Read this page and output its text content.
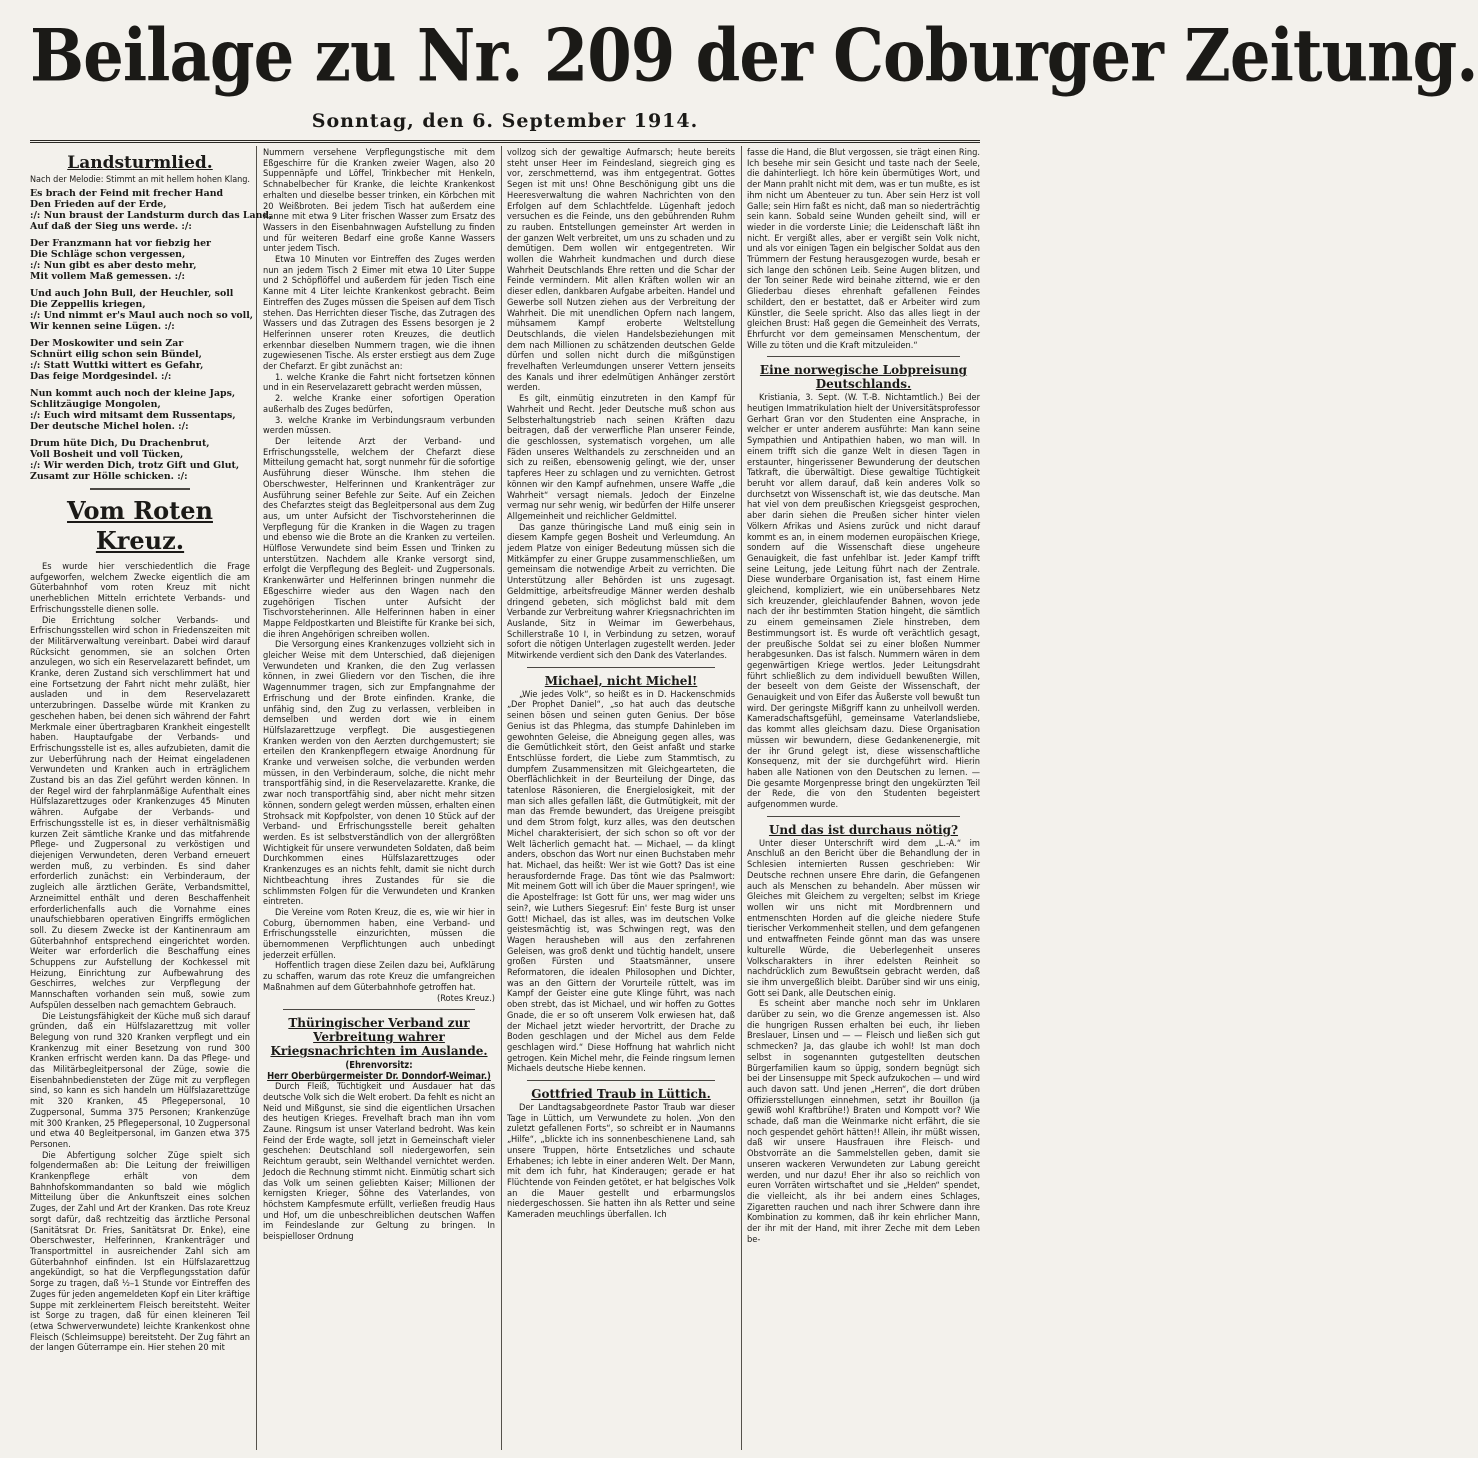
Beilage zu Nr. 209 der Coburger Zeitung.
Sonntag, den 6. September 1914.
Landsturmlied.
Nach der Melodie: Stimmt an mit hellem hohen Klang.
Es brach der Feind mit frecher Hand
Den Frieden auf der Erde,
:/: Nun braust der Landsturm durch das Land,
Auf daß der Sieg uns werde. :/:
Der Franzmann hat vor fiebzig her
Die Schläge schon vergessen,
:/: Nun gibt es aber desto mehr,
Mit vollem Maß gemessen. :/:
Und auch John Bull, der Heuchler, soll
Die Zeppellis kriegen,
:/: Und nimmt er's Maul auch noch so voll,
Wir kennen seine Lügen. :/:
Der Moskowiter und sein Zar
Schnürt eilig schon sein Bündel,
:/: Statt Wuttki wittert es Gefahr,
Das feige Mordgesindel. :/:
Nun kommt auch noch der kleine Japs,
Schlitzäugige Mongolen,
:/: Euch wird mitsamt dem Russentaps,
Der deutsche Michel holen. :/:
Drum hüte Dich, Du Drachenbrut,
Voll Bosheit und voll Tücken,
:/: Wir werden Dich, trotz Gift und Glut,
Zusamt zur Hölle schicken. :/:
Vom Roten Kreuz.
Es wurde hier verschiedentlich die Frage aufgeworfen, welchem Zwecke eigentlich die am Güterbahnhof vom roten Kreuz mit nicht unerheblichen Mitteln errichtete Verbands- und Erfrischungsstelle dienen solle.
Die Errichtung solcher Verbands- und Erfrischungsstellen wird schon in Friedenszeiten mit der Militärverwaltung vereinbart. Dabei wird darauf Rücksicht genommen, sie an solchen Orten anzulegen, wo sich ein Reservelazarett befindet, um Kranke, deren Zustand sich verschlimmert hat und eine Fortsetzung der Fahrt nicht mehr zuläßt, hier ausladen und in dem Reservelazarett unterzubringen. Dasselbe würde mit Kranken zu geschehen haben, bei denen sich während der Fahrt Merkmale einer übertragbaren Krankheit eingestellt haben. Hauptaufgabe der Verbands- und Erfrischungsstelle ist es, alles aufzubieten, damit die zur Ueberführung nach der Heimat eingeladenen Verwundeten und Kranken auch in erträglichem Zustand bis an das Ziel geführt werden können. In der Regel wird der fahrplanmäßige Aufenthalt eines Hülfslazarettzuges oder Krankenzuges 45 Minuten währen. Aufgabe der Verbands- und Erfrischungsstelle ist es, in dieser verhältnismäßig kurzen Zeit sämtliche Kranke und das mitfahrende Pflege- und Zugpersonal zu verköstigen und diejenigen Verwundeten, deren Verband erneuert werden muß, zu verbinden. Es sind daher erforderlich zunächst: ein Verbinderaum, der zugleich alle ärztlichen Geräte, Verbandsmittel, Arzneimittel enthält und deren Beschaffenheit erforderlichenfalls auch die Vornahme eines unaufschiebbaren operativen Eingriffs ermöglichen soll. Zu diesem Zwecke ist der Kantinenraum am Güterbahnhof entsprechend eingerichtet worden. Weiter war erforderlich die Beschaffung eines Schuppens zur Aufstellung der Kochkessel mit Heizung, Einrichtung zur Aufbewahrung des Geschirres, welches zur Verpflegung der Mannschaften vorhanden sein muß, sowie zum Aufspülen desselben nach gemachtem Gebrauch.
Die Leistungsfähigkeit der Küche muß sich darauf gründen, daß ein Hülfslazarettzug mit voller Belegung von rund 320 Kranken verpflegt und ein Krankenzug mit einer Besetzung von rund 300 Kranken erfrischt werden kann. Da das Pflege- und das Militärbegleitpersonal der Züge, sowie die Eisenbahnbediensteten der Züge mit zu verpflegen sind, so kann es sich handeln um Hülfslazarettzüge mit 320 Kranken, 45 Pflegepersonal, 10 Zugpersonal, Summa 375 Personen; Krankenzüge mit 300 Kranken, 25 Pflegepersonal, 10 Zugpersonal und etwa 40 Begleitpersonal, im Ganzen etwa 375 Personen.
Die Abfertigung solcher Züge spielt sich folgendermaßen ab: Die Leitung der freiwilligen Krankenpflege erhält von dem Bahnhofskommandanten so bald wie möglich Mitteilung über die Ankunftszeit eines solchen Zuges, der Zahl und Art der Kranken. Das rote Kreuz sorgt dafür, daß rechtzeitig das ärztliche Personal (Sanitätsrat Dr. Fries, Sanitätsrat Dr. Enke), eine Oberschwester, Helferinnen, Krankenträger und Transportmittel in ausreichender Zahl sich am Güterbahnhof einfinden. Ist ein Hülfslazarettzug angekündigt, so hat die Verpflegungsstation dafür Sorge zu tragen, daß ½–1 Stunde vor Eintreffen des Zuges für jeden angemeldeten Kopf ein Liter kräftige Suppe mit zerkleinertem Fleisch bereitsteht. Weiter ist Sorge zu tragen, daß für einen kleineren Teil (etwa Schwerverwundete) leichte Krankenkost ohne Fleisch (Schleimsuppe) bereitsteht. Der Zug fährt an der langen Güterrampe ein. Hier stehen 20 mit
Nummern versehene Verpflegungstische mit dem Eßgeschirre für die Kranken zweier Wagen, also 20 Suppennäpfe und Löffel, Trinkbecher mit Henkeln, Schnabelbecher für Kranke, die leichte Krankenkost erhalten und dieselbe besser trinken, ein Körbchen mit 20 Weißbroten. Bei jedem Tisch hat außerdem eine Kanne mit etwa 9 Liter frischen Wasser zum Ersatz des Wassers in den Eisenbahnwagen Aufstellung zu finden und für weiteren Bedarf eine große Kanne Wassers unter jedem Tisch.
Etwa 10 Minuten vor Eintreffen des Zuges werden nun an jedem Tisch 2 Eimer mit etwa 10 Liter Suppe und 2 Schöpflöffel und außerdem für jeden Tisch eine Kanne mit 4 Liter leichte Krankenkost gebracht. Beim Eintreffen des Zuges müssen die Speisen auf dem Tisch stehen. Das Herrichten dieser Tische, das Zutragen des Wassers und das Zutragen des Essens besorgen je 2 Helferinnen unserer roten Kreuzes, die deutlich erkennbar dieselben Nummern tragen, wie die ihnen zugewiesenen Tische. Als erster erstiegt aus dem Zuge der Chefarzt. Er gibt zunächst an:
1. welche Kranke die Fahrt nicht fortsetzen können und in ein Reservelazarett gebracht werden müssen,
2. welche Kranke einer sofortigen Operation außerhalb des Zuges bedürfen,
3. welche Kranke im Verbindungsraum verbunden werden müssen.
Der leitende Arzt der Verband- und Erfrischungsstelle, welchem der Chefarzt diese Mitteilung gemacht hat, sorgt nunmehr für die sofortige Ausführung dieser Wünsche. Ihm stehen die Oberschwester, Helferinnen und Krankenträger zur Ausführung seiner Befehle zur Seite. Auf ein Zeichen des Chefarztes steigt das Begleitpersonal aus dem Zug aus, um unter Aufsicht der Tischvorsteherinnen die Verpflegung für die Kranken in die Wagen zu tragen und ebenso wie die Brote an die Kranken zu verteilen. Hülflose Verwundete sind beim Essen und Trinken zu unterstützen. Nachdem alle Kranke versorgt sind, erfolgt die Verpflegung des Begleit- und Zugpersonals. Krankenwärter und Helferinnen bringen nunmehr die Eßgeschirre wieder aus den Wagen nach den zugehörigen Tischen unter Aufsicht der Tischvorsteherinnen. Alle Helferinnen haben in einer Mappe Feldpostkarten und Bleistifte für Kranke bei sich, die ihren Angehörigen schreiben wollen.
Die Versorgung eines Krankenzuges vollzieht sich in gleicher Weise mit dem Unterschied, daß diejenigen Verwundeten und Kranken, die den Zug verlassen können, in zwei Gliedern vor den Tischen, die ihre Wagennummer tragen, sich zur Empfangnahme der Erfrischung und der Brote einfinden. Kranke, die unfähig sind, den Zug zu verlassen, verbleiben in demselben und werden dort wie in einem Hülfslazarettzuge verpflegt. Die ausgestiegenen Kranken werden von den Aerzten durchgemustert; sie erteilen den Krankenpflegern etwaige Anordnung für Kranke und verweisen solche, die verbunden werden müssen, in den Verbinderaum, solche, die nicht mehr transportfähig sind, in die Reservelazarette. Kranke, die zwar noch transportfähig sind, aber nicht mehr sitzen können, sondern gelegt werden müssen, erhalten einen Strohsack mit Kopfpolster, von denen 10 Stück auf der Verband- und Erfrischungsstelle bereit gehalten werden. Es ist selbstverständlich von der allergrößten Wichtigkeit für unsere verwundeten Soldaten, daß beim Durchkommen eines Hülfslazarettzuges oder Krankenzuges es an nichts fehlt, damit sie nicht durch Nichtbeachtung ihres Zustandes für sie die schlimmsten Folgen für die Verwundeten und Kranken eintreten.
Die Vereine vom Roten Kreuz, die es, wie wir hier in Coburg, übernommen haben, eine Verband- und Erfrischungsstelle einzurichten, müssen die übernommenen Verpflichtungen auch unbedingt jederzeit erfüllen.
Hoffentlich tragen diese Zeilen dazu bei, Aufklärung zu schaffen, warum das rote Kreuz die umfangreichen Maßnahmen auf dem Güterbahnhofe getroffen hat.
(Rotes Kreuz.)
Thüringischer Verband zur Verbreitung wahrer Kriegsnachrichten im Auslande.
(Ehrenvorsitz:
Herr Oberbürgermeister Dr. Donndorf-Weimar.)
Durch Fleiß, Tüchtigkeit und Ausdauer hat das deutsche Volk sich die Welt erobert. Da fehlt es nicht an Neid und Mißgunst, sie sind die eigentlichen Ursachen des heutigen Krieges. Frevelhaft brach man ihn vom Zaune. Ringsum ist unser Vaterland bedroht. Was kein Feind der Erde wagte, soll jetzt in Gemeinschaft vieler geschehen: Deutschland soll niedergeworfen, sein Reichtum geraubt, sein Welthandel vernichtet werden. Jedoch die Rechnung stimmt nicht. Einmütig schart sich das Volk um seinen geliebten Kaiser; Millionen der kernigsten Krieger, Söhne des Vaterlandes, von höchstem Kampfesmute erfüllt, verließen freudig Haus und Hof, um die unbeschreiblichen deutschen Waffen im Feindeslande zur Geltung zu bringen. In beispielloser Ordnung
vollzog sich der gewaltige Aufmarsch; heute bereits steht unser Heer im Feindesland, siegreich ging es vor, zerschmetternd, was ihm entgegentrat. Gottes Segen ist mit uns! Ohne Beschönigung gibt uns die Heeresverwaltung die wahren Nachrichten von den Erfolgen auf dem Schlachtfelde. Lügenhaft jedoch versuchen es die Feinde, uns den gebührenden Ruhm zu rauben. Entstellungen gemeinster Art werden in der ganzen Welt verbreitet, um uns zu schaden und zu demütigen. Dem wollen wir entgegentreten. Wir wollen die Wahrheit kundmachen und durch diese Wahrheit Deutschlands Ehre retten und die Schar der Feinde vermindern. Mit allen Kräften wollen wir an dieser edlen, dankbaren Aufgabe arbeiten. Handel und Gewerbe soll Nutzen ziehen aus der Verbreitung der Wahrheit. Die mit unendlichen Opfern nach langem, mühsamem Kampf eroberte Weltstellung Deutschlands, die vielen Handelsbeziehungen mit dem nach Millionen zu schätzenden deutschen Gelde dürfen und sollen nicht durch die mißgünstigen frevelhaften Verleumdungen unserer Vettern jenseits des Kanals und ihrer edelmütigen Anhänger zerstört werden.
Es gilt, einmütig einzutreten in den Kampf für Wahrheit und Recht. Jeder Deutsche muß schon aus Selbsterhaltungstrieb nach seinen Kräften dazu beitragen, daß der verwerfliche Plan unserer Feinde, die geschlossen, systematisch vorgehen, um alle Fäden unseres Welthandels zu zerschneiden und an sich zu reißen, ebensowenig gelingt, wie der, unser tapferes Heer zu schlagen und zu vernichten. Getrost können wir den Kampf aufnehmen, unsere Waffe „die Wahrheit“ versagt niemals. Jedoch der Einzelne vermag nur sehr wenig, wir bedürfen der Hilfe unserer Allgemeinheit und reichlicher Geldmittel.
Das ganze thüringische Land muß einig sein in diesem Kampfe gegen Bosheit und Verleumdung. An jedem Platze von einiger Bedeutung müssen sich die Mitkämpfer zu einer Gruppe zusammenschließen, um gemeinsam die notwendige Arbeit zu verrichten. Die Unterstützung aller Behörden ist uns zugesagt. Geldmittige, arbeitsfreudige Männer werden deshalb dringend gebeten, sich möglichst bald mit dem Verbande zur Verbreitung wahrer Kriegsnachrichten im Auslande, Sitz in Weimar im Gewerbehaus, Schillerstraße 10 I, in Verbindung zu setzen, worauf sofort die nötigen Unterlagen zugestellt werden. Jeder Mitwirkende verdient sich den Dank des Vaterlandes.
Michael, nicht Michel!
„Wie jedes Volk“, so heißt es in D. Hackenschmids „Der Prophet Daniel“, „so hat auch das deutsche seinen bösen und seinen guten Genius. Der böse Genius ist das Phlegma, das stumpfe Dahinleben im gewohnten Geleise, die Abneigung gegen alles, was die Gemütlichkeit stört, den Geist anfaßt und starke Entschlüsse fordert, die Liebe zum Stammtisch, zu dumpfem Zusammensitzen mit Gleichgearteten, die Oberflächlichkeit in der Beurteilung der Dinge, das tatenlose Räsonieren, die Energielosigkeit, mit der man sich alles gefallen läßt, die Gutmütigkeit, mit der man das Fremde bewundert, das Ureigene preisgibt und dem Strom folgt, kurz alles, was den deutschen Michel charakterisiert, der sich schon so oft vor der Welt lächerlich gemacht hat. — Michael, — da klingt anders, obschon das Wort nur einen Buchstaben mehr hat. Michael, das heißt: Wer ist wie Gott? Das ist eine herausfordernde Frage. Das tönt wie das Psalmwort: Mit meinem Gott will ich über die Mauer springen!, wie die Apostelfrage: Ist Gott für uns, wer mag wider uns sein?, wie Luthers Siegesruf: Ein' feste Burg ist unser Gott! Michael, das ist alles, was im deutschen Volke geistesmächtig ist, was Schwingen regt, was den Wagen herausheben will aus den zerfahrenen Geleisen, was groß denkt und tüchtig handelt, unsere großen Fürsten und Staatsmänner, unsere Reformatoren, die idealen Philosophen und Dichter, was an den Gittern der Vorurteile rüttelt, was im Kampf der Geister eine gute Klinge führt, was nach oben strebt, das ist Michael, und wir hoffen zu Gottes Gnade, die er so oft unserem Volk erwiesen hat, daß der Michael jetzt wieder hervortritt, der Drache zu Boden geschlagen und der Michel aus dem Felde geschlagen wird.“ Diese Hoffnung hat wahrlich nicht getrogen. Kein Michel mehr, die Feinde ringsum lernen Michaels deutsche Hiebe kennen.
Gottfried Traub in Lüttich.
Der Landtagsabgeordnete Pastor Traub war dieser Tage in Lüttich, um Verwundete zu holen. „Von den zuletzt gefallenen Forts“, so schreibt er in Naumanns „Hilfe“, „blickte ich ins sonnenbeschienene Land, sah unsere Truppen, hörte Entsetzliches und schaute Erhabenes; ich lebte in einer anderen Welt. Der Mann, mit dem ich fuhr, hat Kinderaugen; gerade er hat Flüchtende von Feinden getötet, er hat belgisches Volk an die Mauer gestellt und erbarmungslos niedergeschossen. Sie hatten ihn als Retter und seine Kameraden meuchlings überfallen. Ich
fasse die Hand, die Blut vergossen, sie trägt einen Ring. Ich besehe mir sein Gesicht und taste nach der Seele, die dahinterliegt. Ich höre kein übermütiges Wort, und der Mann prahlt nicht mit dem, was er tun mußte, es ist ihm nicht um Abenteuer zu tun. Aber sein Herz ist voll Galle; sein Hirn faßt es nicht, daß man so niederträchtig sein kann. Sobald seine Wunden geheilt sind, will er wieder in die vorderste Linie; die Leidenschaft läßt ihn nicht. Er vergißt alles, aber er vergißt sein Volk nicht, und als vor einigen Tagen ein belgischer Soldat aus den Trümmern der Festung herausgezogen wurde, besah er sich lange den schönen Leib. Seine Augen blitzen, und der Ton seiner Rede wird beinahe zitternd, wie er den Gliederbau dieses ehrenhaft gefallenen Feindes schildert, den er bestattet, daß er Arbeiter wird zum Künstler, die Seele spricht. Also das alles liegt in der gleichen Brust: Haß gegen die Gemeinheit des Verrats, Ehrfurcht vor dem gemeinsamen Menschentum, der Wille zu töten und die Kraft mitzuleiden.“
Eine norwegische Lobpreisung Deutschlands.
Kristiania, 3. Sept. (W. T.-B. Nichtamtlich.) Bei der heutigen Immatrikulation hielt der Universitätsprofessor Gerhart Gran vor den Studenten eine Ansprache, in welcher er unter anderem ausführte: Man kann seine Sympathien und Antipathien haben, wo man will. In einem trifft sich die ganze Welt in diesen Tagen in erstaunter, hingerissener Bewunderung der deutschen Tatkraft, die überwältigt. Diese gewaltige Tüchtigkeit beruht vor allem darauf, daß kein anderes Volk so durchsetzt von Wissenschaft ist, wie das deutsche. Man hat viel von dem preußischen Kriegsgeist gesprochen, aber darin siehen die Preußen sicher hinter vielen Völkern Afrikas und Asiens zurück und nicht darauf kommt es an, in einem modernen europäischen Kriege, sondern auf die Wissenschaft diese ungeheure Genauigkeit, die fast unfehlbar ist. Jeder Kampf trifft seine Leitung, jede Leitung führt nach der Zentrale. Diese wunderbare Organisation ist, fast einem Hirne gleichend, kompliziert, wie ein unübersehbares Netz sich kreuzender, gleichlaufender Bahnen, wovon jede nach der ihr bestimmten Station hingeht, die sämtlich zu einem gemeinsamen Ziele hinstreben, dem Bestimmungsort ist. Es wurde oft verächtlich gesagt, der preußische Soldat sei zu einer bloßen Nummer herabgesunken. Das ist falsch. Nummern wären in dem gegenwärtigen Kriege wertlos. Jeder Leitungsdraht führt schließlich zu dem individuell bewußten Willen, der beseelt von dem Geiste der Wissenschaft, der Genauigkeit und von Eifer das Äußerste voll bewußt tun wird. Der geringste Mißgriff kann zu unheilvoll werden. Kameradschaftsgefühl, gemeinsame Vaterlandsliebe, das kommt alles gleichsam dazu. Diese Organisation müssen wir bewundern, diese Gedankenenergie, mit der ihr Grund gelegt ist, diese wissenschaftliche Konsequenz, mit der sie durchgeführt wird. Hierin haben alle Nationen von den Deutschen zu lernen. — Die gesamte Morgenpresse bringt den ungekürzten Teil der Rede, die von den Studenten begeistert aufgenommen wurde.
Und das ist durchaus nötig?
Unter dieser Unterschrift wird dem „L.-A.“ im Anschluß an den Bericht über die Behandlung der in Schlesien internierten Russen geschrieben: Wir Deutsche rechnen unsere Ehre darin, die Gefangenen auch als Menschen zu behandeln. Aber müssen wir Gleiches mit Gleichem zu vergelten; selbst im Kriege wollen wir uns nicht mit Mordbrennern und entmenschten Horden auf die gleiche niedere Stufe tierischer Verkommenheit stellen, und dem gefangenen und entwaffneten Feinde gönnt man das was unsere kulturelle Würde, die Ueberlegenheit unseres Volkscharakters in ihrer edelsten Reinheit so nachdrücklich zum Bewußtsein gebracht werden, daß sie ihm unvergeßlich bleibt. Darüber sind wir uns einig, Gott sei Dank, alle Deutschen einig.
Es scheint aber manche noch sehr im Unklaren darüber zu sein, wo die Grenze angemessen ist. Also die hungrigen Russen erhalten bei euch, ihr lieben Breslauer, Linsen und — — Fleisch und ließen sich gut schmecken? Ja, das glaube ich wohl! Ist man doch selbst in sogenannten gutgestellten deutschen Bürgerfamilien kaum so üppig, sondern begnügt sich bei der Linsensuppe mit Speck aufzukochen — und wird auch davon satt. Und jenen „Herren“, die dort drüben Offiziersstellungen einnehmen, setzt ihr Bouillon (ja gewiß wohl Kraftbrühe!) Braten und Kompott vor? Wie schade, daß man die Weinmarke nicht erfährt, die sie noch gespendet gehört hätten!! Allein, ihr müßt wissen, daß wir unsere Hausfrauen ihre Fleisch- und Obstvorräte an die Sammelstellen geben, damit sie unseren wackeren Verwundeten zur Labung gereicht werden, und nur dazu! Eher ihr also so reichlich von euren Vorräten wirtschaftet und sie „Helden“ spendet, die vielleicht, als ihr bei andern eines Schlages, Zigaretten rauchen und nach ihrer Schwere dann ihre Kombination zu kommen, daß ihr kein ehrlicher Mann, der ihr mit der Hand, mit ihrer Zeche mit dem Leben be-
